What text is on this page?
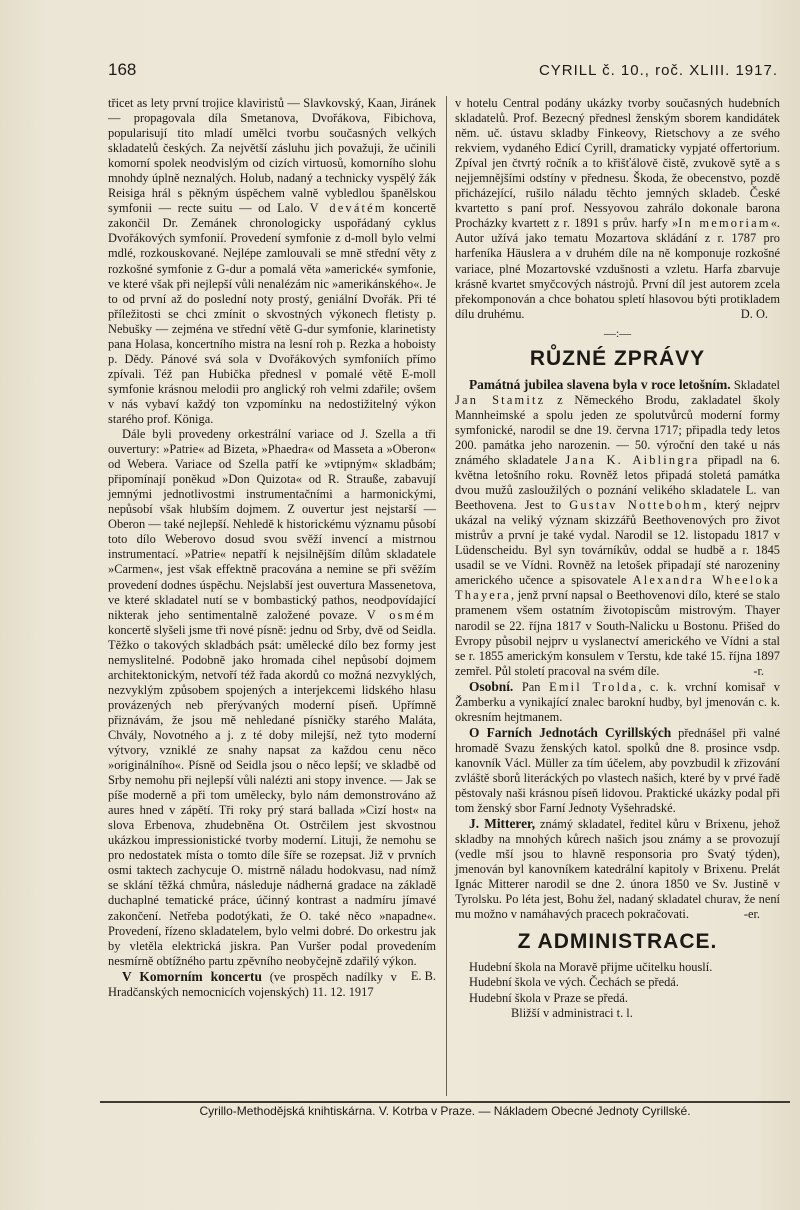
168	CYRILL č. 10., roč. XLIII. 1917.

třicet as lety první trojice klaviristů — Slavkovský, Kaan, Jiránek — propagovala díla Smetanova, Dvořákova, Fibichova, popularisují tito mladí umělci tvorbu současných velkých skladatelů českých. Za největší zásluhu jich považuji, že učinili komorní spolek neodvislým od cizích virtuosů, komorního slohu mnohdy úplně neznalých. Holub, nadaný a technicky vyspělý žák Reisiga hrál s pěkným úspěchem valně vybledlou španělskou symfonii — recte suitu — od Lalo. V devátém koncertě zakončil Dr. Zemánek chronologicky uspořádaný cyklus Dvořákových symfonií. Provedení symfonie z d-moll bylo velmi mdlé, rozkouskované. Nejlépe zamlouvali se mně střední věty z rozkošné symfonie z G-dur a pomalá věta »americké« symfonie, ve které však při nejlepší vůli nenalézám nic »amerikánského«. Je to od první až do poslední noty prostý, geniální Dvořák. Při té příležitosti se chci zmínit o skvostných výkonech fletisty p. Nebušky — zejména ve střední větě G-dur symfonie, klarinetisty pana Holasa, koncertního mistra na lesní roh p. Rezka a hoboisty p. Dědy. Pánové svá sola v Dvořákových symfoniích přímo zpívali. Též pan Hubička přednesl v pomalé větě E-moll symfonie krásnou melodii pro anglický roh velmi zdařile; ovšem v nás vybaví každý ton vzpomínku na nedostižitelný výkon starého prof. Königa.

Dále byli provedeny orkestrální variace od J. Szella a tři ouvertury: »Patrie« ad Bizeta, »Phaedra« od Masseta a »Oberon« od Webera. Variace od Szella patří ke »vtipným« skladbám; připomínají poněkud »Don Quizota« od R. Strauße, zabavují jemnými jednotlivostmi instrumentačními a harmonickými, nepůsobí však hlubším dojmem. Z ouvertur jest nejstarší — Oberon — také nejlepší. Nehledě k historickému významu působí toto dílo Weberovo dosud svou svěží invencí a mistrnou instrumentací. »Patrie« nepatří k nejsilnějším dílům skladatele »Carmen«, jest však effektně pracována a nemine se při svěžím provedení dodnes úspěchu. Nejslabší jest ouvertura Massenetova, ve které skladatel nutí se v bombastický pathos, neodpovídající nikterak jeho sentimentalně založené povaze. V osmém koncertě slyšeli jsme tři nové písně: jednu od Srby, dvě od Seidla. Těžko o takových skladbách psát: umělecké dílo bez formy jest nemyslitelné. Podobně jako hromada cihel nepůsobí dojmem architektonickým, netvoří též řada akordů co možná nezvyklých, nezvyklým způsobem spojených a interjekcemi lidského hlasu provázených neb přerývaných moderní píseň. Upřímně přiznávám, že jsou mě nehledané písničky starého Maláta, Chvály, Novotného a j. z té doby milejší, než tyto moderní výtvory, vzniklé ze snahy napsat za každou cenu něco »originálního«. Písně od Seidla jsou o něco lepší; ve skladbě od Srby nemohu při nejlepší vůli nalézti ani stopy invence. — Jak se píše moderně a při tom umělecky, bylo nám demonstrováno až aures hned v zápětí. Tři roky prý stará ballada »Cizí host« na slova Erbenova, zhudebněna Ot. Ostrčilem jest skvostnou ukázkou impressionistické tvorby moderní. Lituji, že nemohu se pro nedostatek místa o tomto díle šíře se rozepsat. Již v prvních osmi taktech zachycuje O. mistrně náladu hodokvasu, nad nímž se sklání těžká chmůra, následuje nádherná gradace na základě duchaplné tematické práce, účinný kontrast a nadmíru jímavé zakončení. Netřeba podotýkati, že O. také něco »napadne«. Provedení, řízeno skladatelem, bylo velmi dobré. Do orkestru jak by vletěla elektrická jiskra. Pan Vuršer podal provedením nesmírně obtížného partu zpěvního neobyčejně zdařilý výkon.
E. B.

V Komorním koncertu (ve prospěch nadílky v Hradčanských nemocnicích vojenských) 11. 12. 1917

v hotelu Central podány ukázky tvorby současných hudebních skladatelů. Prof. Bezecný přednesl ženským sborem kandidátek něm. uč. ústavu skladby Finkeovy, Rietschovy a ze svého rekviem, vydaného Edicí Cyrill, dramaticky vypjaté offertorium. Zpíval jen čtvrtý ročník a to křišťálově čistě, zvukově sytě a s nejjemnějšími odstíny v přednesu. Škoda, že obecenstvo, pozdě přicházející, rušilo náladu těchto jemných skladeb. České kvartetto s paní prof. Nessyovou zahrálo dokonale barona Procházky kvartett z r. 1891 s prův. harfy »In memoriam«. Autor užívá jako tematu Mozartova skládání z r. 1787 pro harfeníka Häuslera a v druhém díle na ně komponuje rozkošné variace, plné Mozartovské vzdušnosti a vzletu. Harfa zbarvuje krásně kvartet smyčcových nástrojů. První díl jest autorem zcela překomponován a chce bohatou spletí hlasovou býti protikladem dílu druhému.	D. O.

—:—
RŮZNÉ ZPRÁVY

Památná jubilea slavena byla v roce letošním. Skladatel Jan Stamitz z Německého Brodu, zakladatel školy Mannheimské a spolu jeden ze spolutvůrců moderní formy symfonické, narodil se dne 19. června 1717; připadla tedy letos 200. památka jeho narozenin. — 50. výroční den také u nás známého skladatele Jana K. Aiblingra připadl na 6. května letošního roku. Rovněž letos připadá stoletá památka dvou mužů zasloužilých o poznání velikého skladatele L. van Beethovena. Jest to Gustav Nottebohm, který nejprv ukázal na veliký význam skizzářů Beethovenových pro život mistrův a první je také vydal. Narodil se 12. listopadu 1817 v Lüdenscheidu. Byl syn továrníkův, oddal se hudbě a r. 1845 usadil se ve Vídni. Rovněž na letošek připadají sté narozeniny amerického učence a spisovatele Alexandra Wheeloka Thayera, jenž první napsal o Beethovenovi dílo, které se stalo pramenem všem ostatním životopiscům mistrovým. Thayer narodil se 22. října 1817 v South-Nalicku u Bostonu. Přišed do Evropy působil nejprv u vyslanectví amerického ve Vídni a stal se r. 1855 americkým konsulem v Terstu, kde také 15. října 1897 zemřel. Půl století pracoval na svém díle.	-r.

Osobní. Pan Emil Trolda, c. k. vrchní komisař v Žamberku a vynikající znalec barokní hudby, byl jmenován c. k. okresním hejtmanem.

O Farních Jednotách Cyrillských přednášel při valné hromadě Svazu ženských katol. spolků dne 8. prosince vsdp. kanovník Václ. Müller za tím účelem, aby povzbudil k zřizování zvláště sborů literáckých po vlastech našich, které by v prvé řadě pěstovaly naši krásnou píseň lidovou. Praktické ukázky podal při tom ženský sbor Farní Jednoty Vyšehradské.

J. Mitterer, známý skladatel, ředitel kůru v Brixenu, jehož skladby na mnohých kůrech našich jsou známy a se provozují (vedle mší jsou to hlavně responsoria pro Svatý týden), jmenován byl kanovníkem katedrální kapitoly v Brixenu. Prelát Ignác Mitterer narodil se dne 2. února 1850 ve Sv. Justině v Tyrolsku. Po léta jest, Bohu žel, nadaný skladatel churav, že není mu možno v namáhavých pracech pokračovati.	-er.

Z ADMINISTRACE.

Hudební škola na Moravě přijme učitelku houslí.

Hudební škola ve vých. Čechách se předá.

Hudební škola v Praze se předá.

Bližší v administraci t. l.

Cyrillo-Methodějská knihtiskárna. V. Kotrba v Praze. — Nákladem Obecné Jednoty Cyrillské.
